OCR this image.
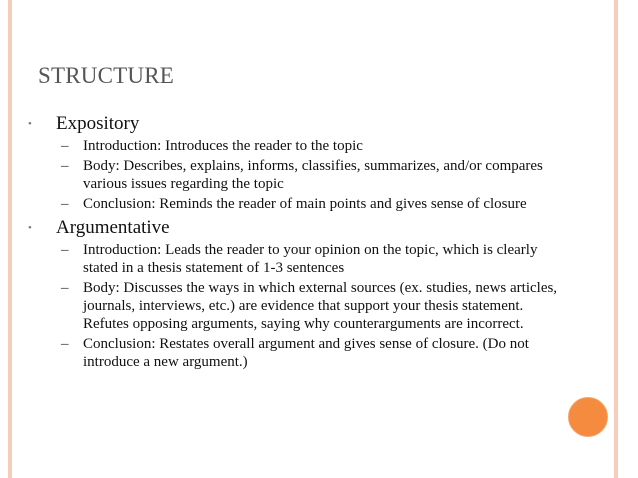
STRUCTURE
• Expository
– Introduction: Introduces the reader to the topic
– Body: Describes, explains, informs, classifies, summarizes, and/or compares various issues regarding the topic
– Conclusion: Reminds the reader of main points and gives sense of closure
• Argumentative
– Introduction: Leads the reader to your opinion on the topic, which is clearly stated in a thesis statement of 1-3 sentences
– Body: Discusses the ways in which external sources (ex. studies, news articles, journals, interviews, etc.) are evidence that support your thesis statement. Refutes opposing arguments, saying why counterarguments are incorrect.
– Conclusion: Restates overall argument and gives sense of closure. (Do not introduce a new argument.)
